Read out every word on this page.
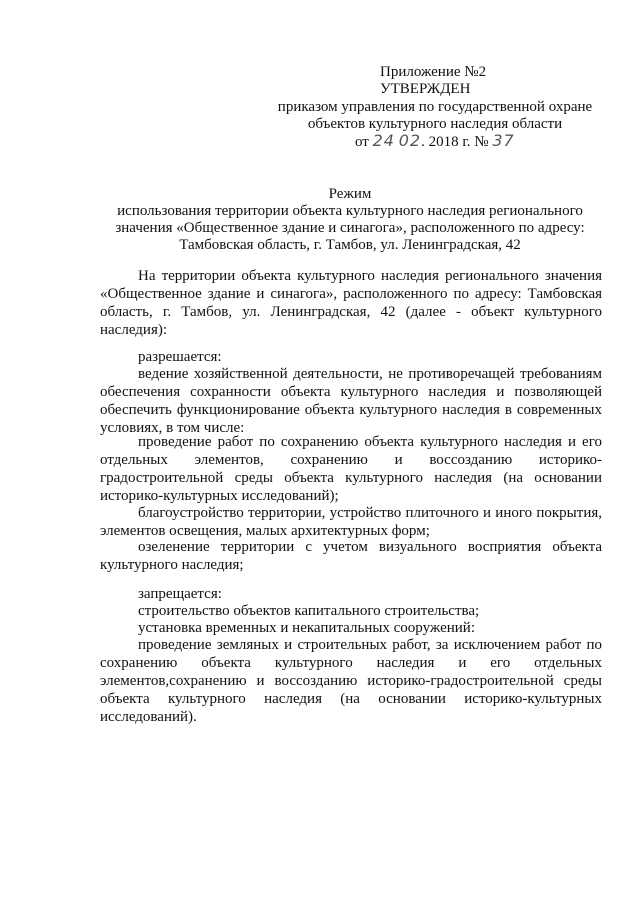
Приложение №2
УТВЕРЖДЕН
приказом управления по государственной охране
объектов культурного наследия области
от 24 02. 2018 г. № 37
Режим
использования территории объекта культурного наследия регионального
значения «Общественное здание и синагога», расположенного по адресу:
Тамбовская область, г. Тамбов, ул. Ленинградская, 42
На территории объекта культурного наследия регионального значения «Общественное здание и синагога», расположенного по адресу: Тамбовская область, г. Тамбов, ул. Ленинградская, 42 (далее - объект культурного наследия):
разрешается:
ведение хозяйственной деятельности, не противоречащей требованиям обеспечения сохранности объекта культурного наследия и позволяющей обеспечить функционирование объекта культурного наследия в современных условиях, в том числе:
проведение работ по сохранению объекта культурного наследия и его отдельных элементов, сохранению и воссозданию историко-градостроительной среды объекта культурного наследия (на основании историко-культурных исследований);
благоустройство территории, устройство плиточного и иного покрытия, элементов освещения, малых архитектурных форм;
озеленение территории с учетом визуального восприятия объекта культурного наследия;
запрещается:
строительство объектов капитального строительства;
установка временных и некапитальных сооружений:
проведение земляных и строительных работ, за исключением работ по сохранению объекта культурного наследия и его отдельных элементов,сохранению и воссозданию историко-градостроительной среды объекта культурного наследия (на основании историко-культурных исследований).
